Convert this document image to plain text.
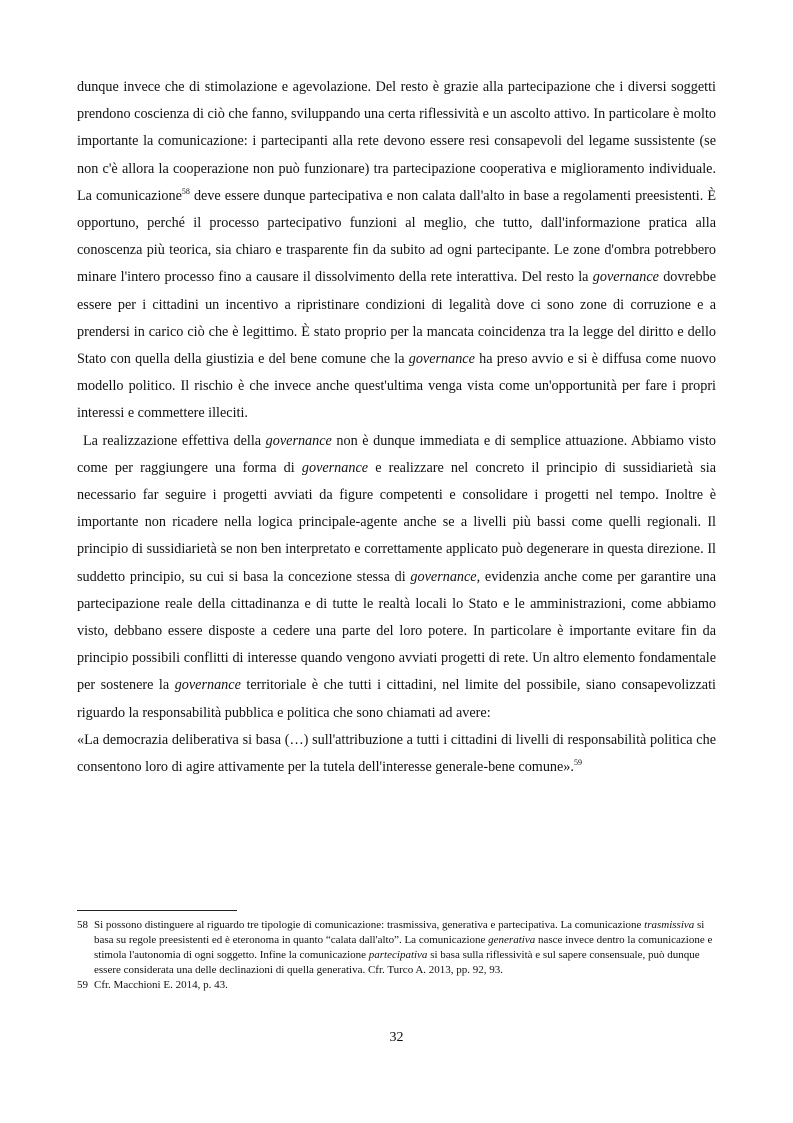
dunque invece che di stimolazione e agevolazione. Del resto è grazie alla partecipazione che i diversi soggetti prendono coscienza di ciò che fanno, sviluppando una certa riflessività e un ascolto attivo. In particolare è molto importante la comunicazione: i partecipanti alla rete devono essere resi consapevoli del legame sussistente (se non c'è allora la cooperazione non può funzionare) tra partecipazione cooperativa e miglioramento individuale. La comunicazione$^{58}$ deve essere dunque partecipativa e non calata dall'alto in base a regolamenti preesistenti. È opportuno, perché il processo partecipativo funzioni al meglio, che tutto, dall'informazione pratica alla conoscenza più teorica, sia chiaro e trasparente fin da subito ad ogni partecipante. Le zone d'ombra potrebbero minare l'intero processo fino a causare il dissolvimento della rete interattiva. Del resto la governance dovrebbe essere per i cittadini un incentivo a ripristinare condizioni di legalità dove ci sono zone di corruzione e a prendersi in carico ciò che è legittimo. È stato proprio per la mancata coincidenza tra la legge del diritto e dello Stato con quella della giustizia e del bene comune che la governance ha preso avvio e si è diffusa come nuovo modello politico. Il rischio è che invece anche quest'ultima venga vista come un'opportunità per fare i propri interessi e commettere illeciti.

La realizzazione effettiva della governance non è dunque immediata e di semplice attuazione. Abbiamo visto come per raggiungere una forma di governance e realizzare nel concreto il principio di sussidiarietà sia necessario far seguire i progetti avviati da figure competenti e consolidare i progetti nel tempo. Inoltre è importante non ricadere nella logica principale-agente anche se a livelli più bassi come quelli regionali. Il principio di sussidiarietà se non ben interpretato e correttamente applicato può degenerare in questa direzione. Il suddetto principio, su cui si basa la concezione stessa di governance, evidenzia anche come per garantire una partecipazione reale della cittadinanza e di tutte le realtà locali lo Stato e le amministrazioni, come abbiamo visto, debbano essere disposte a cedere una parte del loro potere. In particolare è importante evitare fin da principio possibili conflitti di interesse quando vengono avviati progetti di rete. Un altro elemento fondamentale per sostenere la governance territoriale è che tutti i cittadini, nel limite del possibile, siano consapevolizzati riguardo la responsabilità pubblica e politica che sono chiamati ad avere:

«La democrazia deliberativa si basa (…) sull'attribuzione a tutti i cittadini di livelli di responsabilità politica che consentono loro di agire attivamente per la tutela dell'interesse generale-bene comune».$^{59}$

58 Si possono distinguere al riguardo tre tipologie di comunicazione: trasmissiva, generativa e partecipativa. La comunicazione trasmissiva si basa su regole preesistenti ed è eteronoma in quanto “calata dall'alto”. La comunicazione generativa nasce invece dentro la comunicazione e stimola l'autonomia di ogni soggetto. Infine la comunicazione partecipativa si basa sulla riflessività e sul sapere consensuale, può dunque essere considerata una delle declinazioni di quella generativa. Cfr. Turco A. 2013, pp. 92, 93.
59 Cfr. Macchioni E. 2014, p. 43.
32
